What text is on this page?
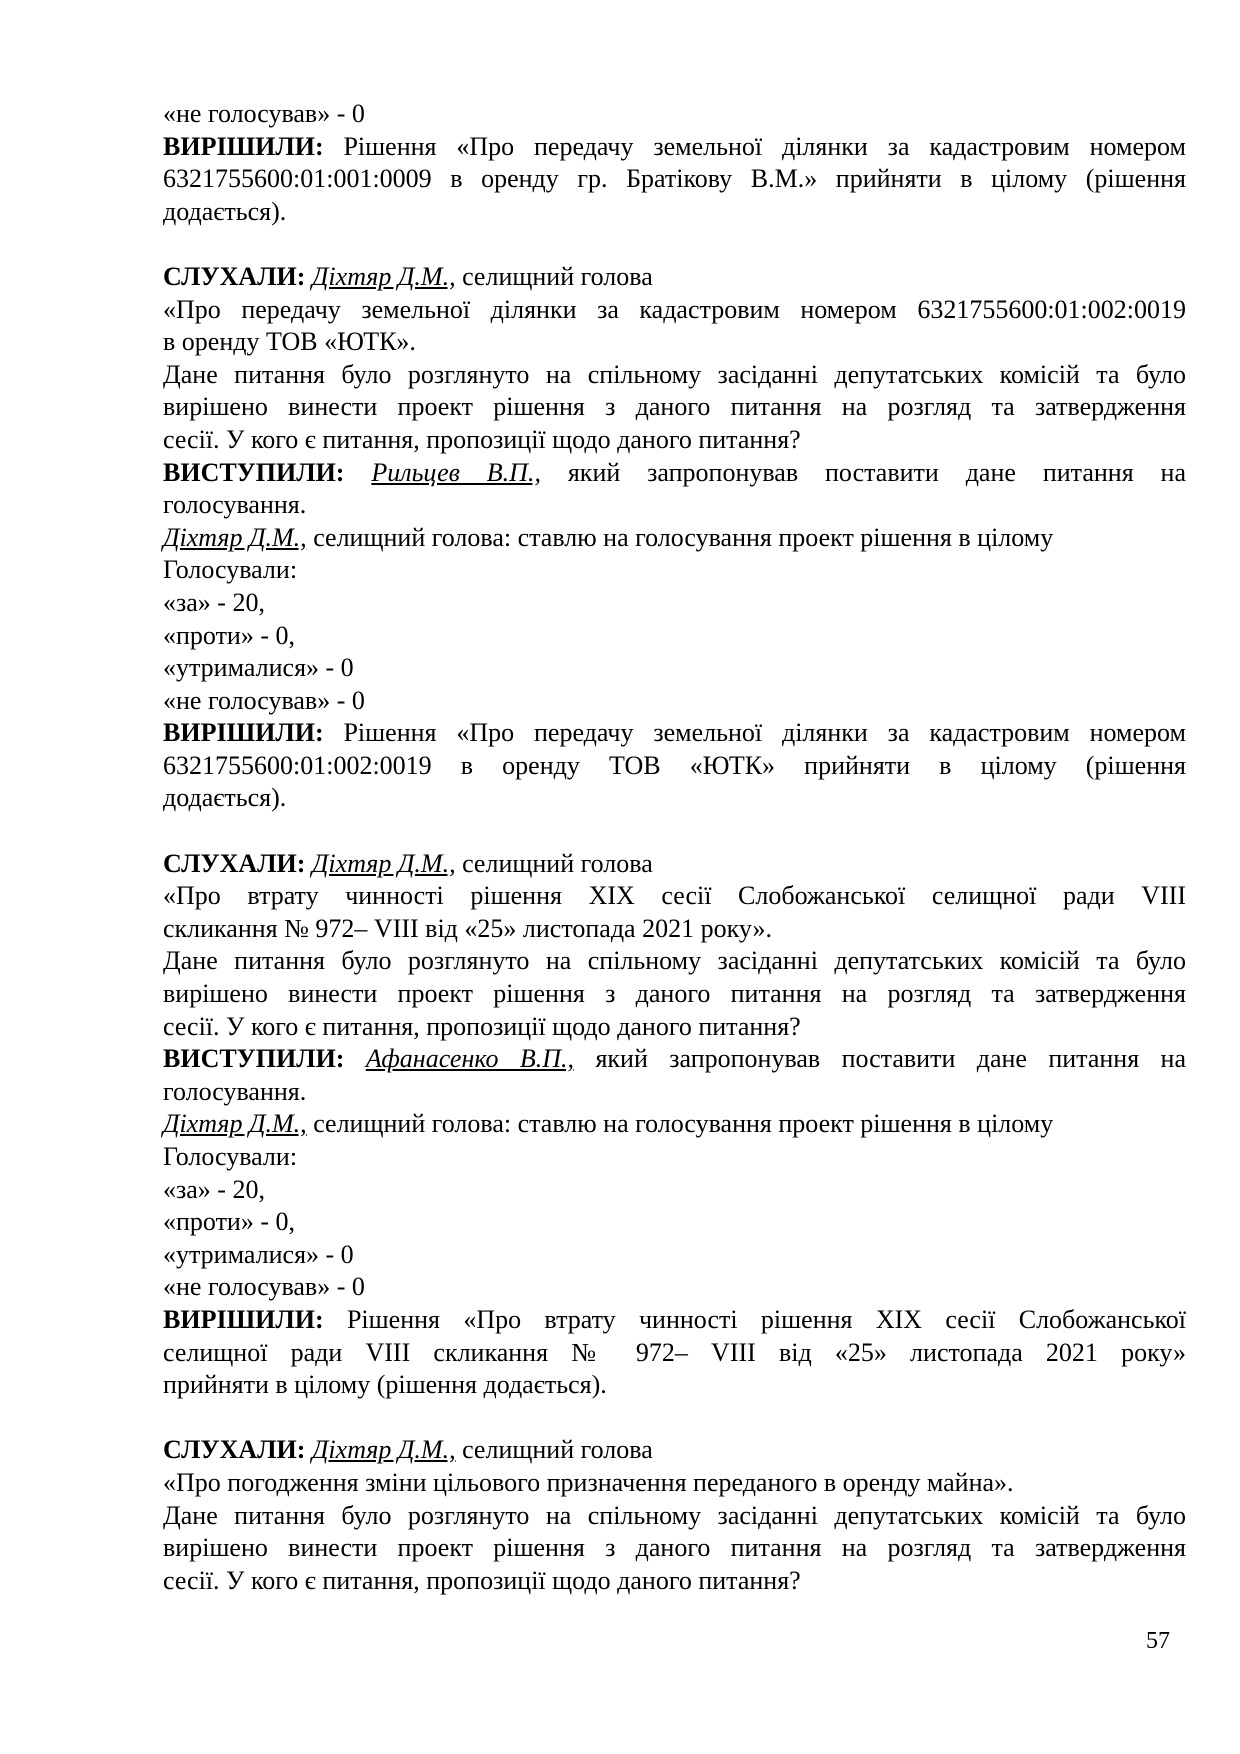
«не голосував» - 0
ВИРІШИЛИ: Рішення «Про передачу земельної ділянки за кадастровим номером
6321755600:01:001:0009 в оренду гр. Братікову В.М.» прийняти в цілому (рішення
додається).
СЛУХАЛИ: Діхтяр Д.М., селищний голова
«Про передачу земельної ділянки за кадастровим номером 6321755600:01:002:0019
в оренду ТОВ «ЮТК».
Дане питання було розглянуто на спільному засіданні депутатських комісій та було
вирішено винести проект рішення з даного питання на розгляд та затвердження
сесії. У кого є питання, пропозиції щодо даного питання?
ВИСТУПИЛИ: Рильцев В.П., який запропонував поставити дане питання на
голосування.
Діхтяр Д.М., селищний голова: ставлю на голосування проект рішення в цілому
Голосували:
«за» - 20,
«проти» - 0,
«утрималися» - 0
«не голосував» - 0
ВИРІШИЛИ: Рішення «Про передачу земельної ділянки за кадастровим номером
6321755600:01:002:0019 в оренду ТОВ «ЮТК» прийняти в цілому (рішення
додається).
СЛУХАЛИ: Діхтяр Д.М., селищний голова
«Про втрату чинності рішення XIX сесії Слобожанської селищної ради VIII
скликання № 972– VIII від «25» листопада 2021 року».
Дане питання було розглянуто на спільному засіданні депутатських комісій та було
вирішено винести проект рішення з даного питання на розгляд та затвердження
сесії. У кого є питання, пропозиції щодо даного питання?
ВИСТУПИЛИ: Афанасенко В.П., який запропонував поставити дане питання на
голосування.
Діхтяр Д.М., селищний голова: ставлю на голосування проект рішення в цілому
Голосували:
«за» - 20,
«проти» - 0,
«утрималися» - 0
«не голосував» - 0
ВИРІШИЛИ: Рішення «Про втрату чинності рішення XIX сесії Слобожанської
селищної ради VIII скликання № 972– VIII від «25» листопада 2021 року»
прийняти в цілому (рішення додається).
СЛУХАЛИ: Діхтяр Д.М., селищний голова
«Про погодження зміни цільового призначення переданого в оренду майна».
Дане питання було розглянуто на спільному засіданні депутатських комісій та було
вирішено винести проект рішення з даного питання на розгляд та затвердження
сесії. У кого є питання, пропозиції щодо даного питання?
57
